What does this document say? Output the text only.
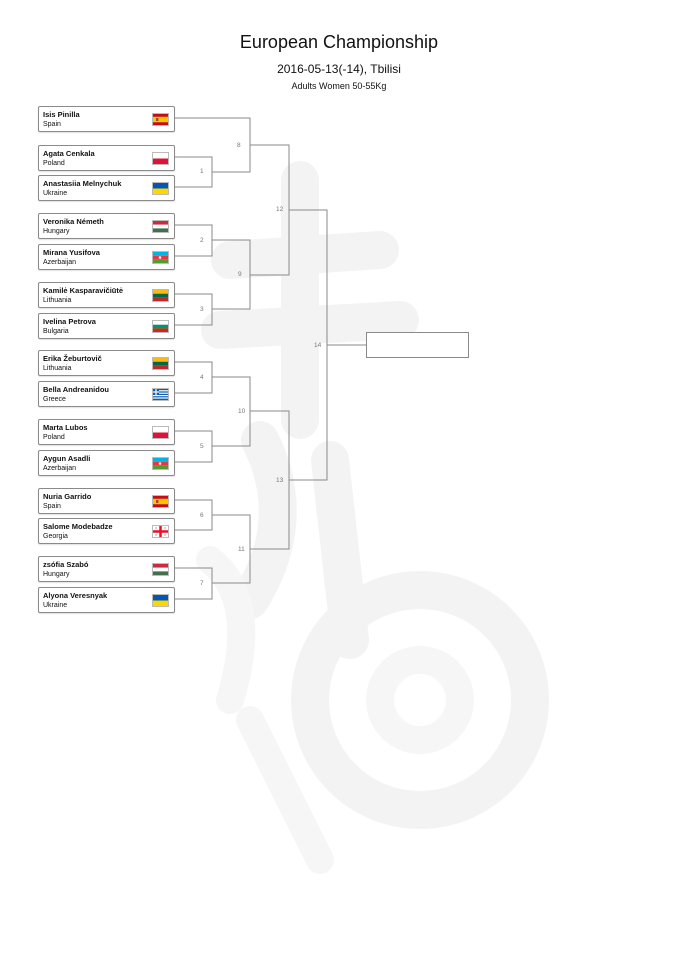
European Championship
2016-05-13(-14), Tbilisi
Adults Women 50-55Kg
8
1
12
2
9
3
14
4
10
5
13
6
11
7
Isis Pinilla
Spain
Agata Cenkala
Poland
Anastasiia Melnychuk
Ukraine
Veronika Németh
Hungary
Mirana Yusifova
Azerbaijan
Kamilė Kasparavičiūtė
Lithuania
Ivelina Petrova
Bulgaria
Erika Žeburtovič
Lithuania
Bella Andreanidou
Greece
Marta Lubos
Poland
Aygun Asadli
Azerbaijan
Nuria Garrido
Spain
Salome Modebadze
Georgia
zsófia Szabó
Hungary
Alyona Veresnyak
Ukraine
